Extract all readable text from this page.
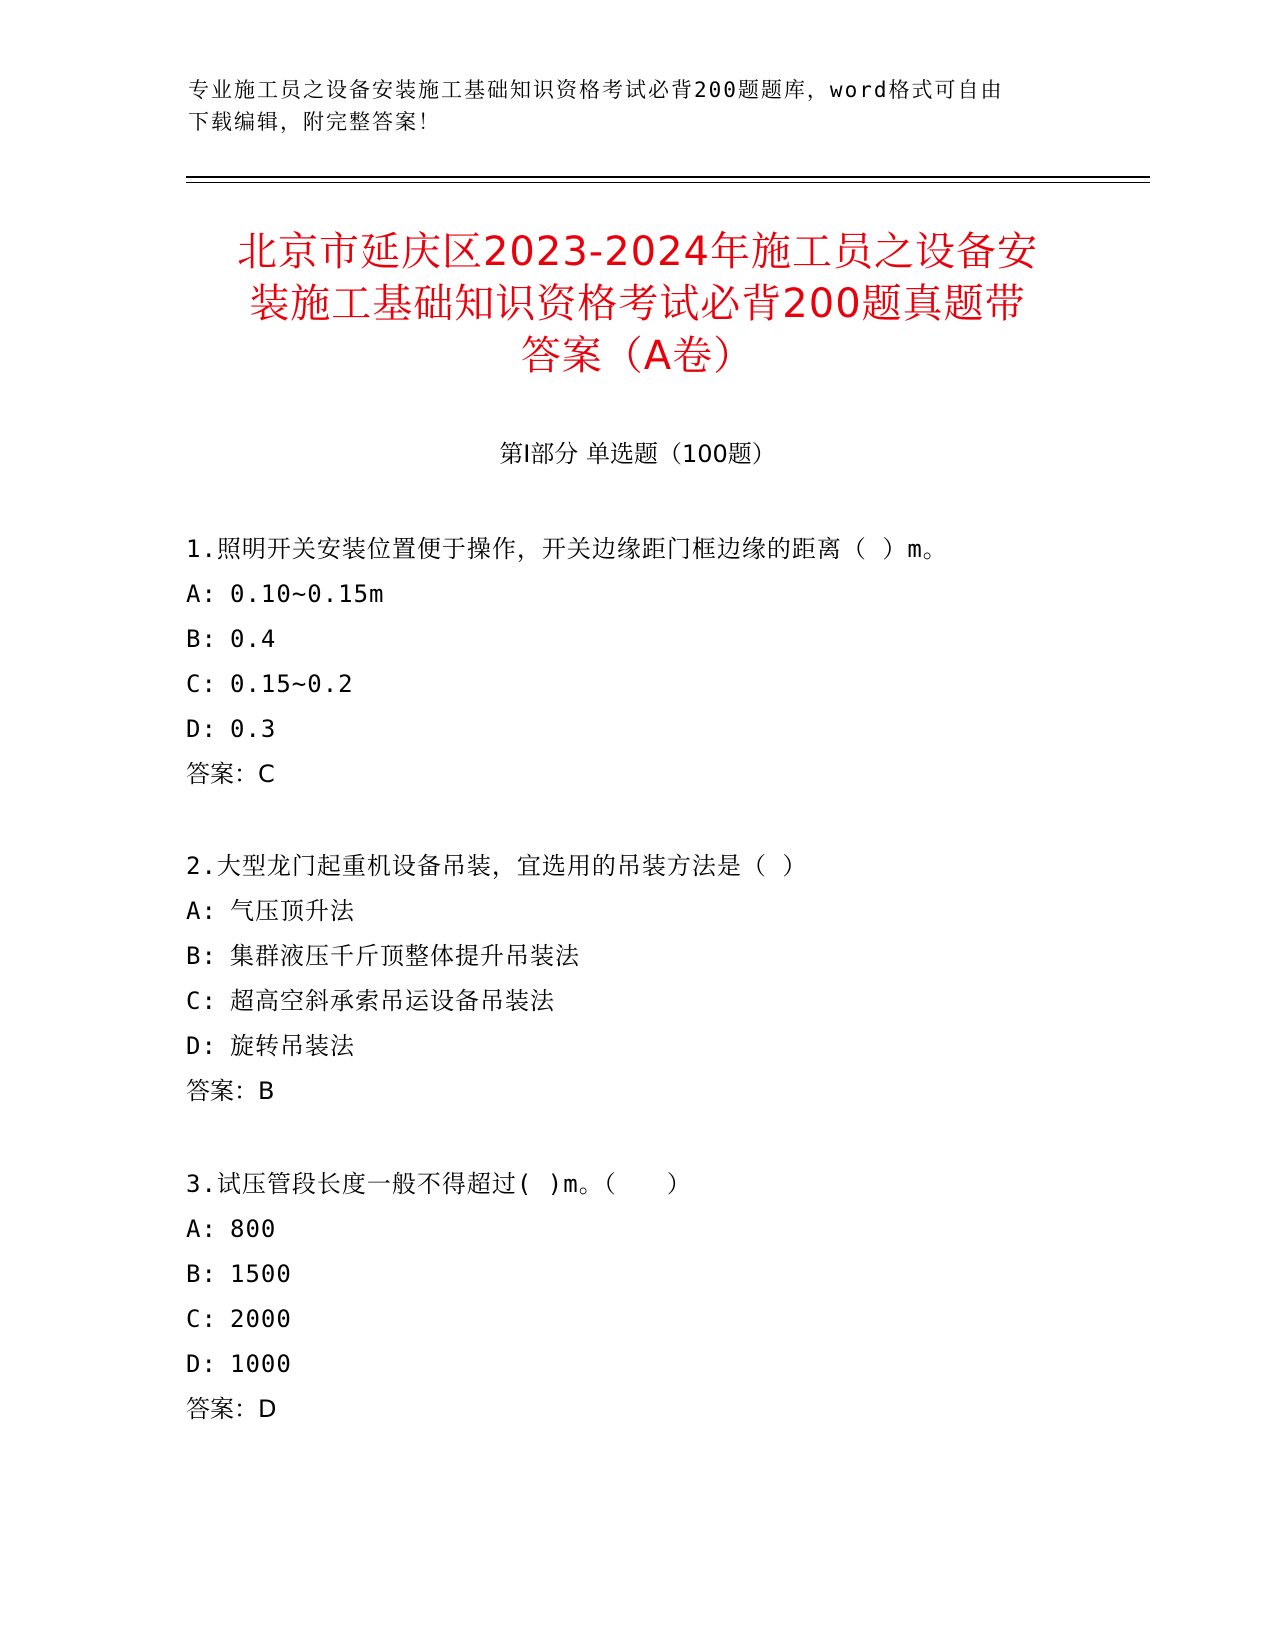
专业施工员之设备安装施工基础知识资格考试必背200题题库，word格式可自由
下载编辑，附完整答案！
北京市延庆区2023-2024年施工员之设备安
装施工基础知识资格考试必背200题真题带
答案（A卷）
第Ⅰ部分 单选题（100题）
1.照明开关安装位置便于操作，开关边缘距门框边缘的距离（ ）m。
A: 0.10~0.15m
B: 0.4
C: 0.15~0.2
D: 0.3
答案：C
2.大型龙门起重机设备吊装，宜选用的吊装方法是（ ）
A: 气压顶升法
B: 集群液压千斤顶整体提升吊装法
C: 超高空斜承索吊运设备吊装法
D: 旋转吊装法
答案：B
3.试压管段长度一般不得超过( )m。（　　）
A: 800
B: 1500
C: 2000
D: 1000
答案：D
